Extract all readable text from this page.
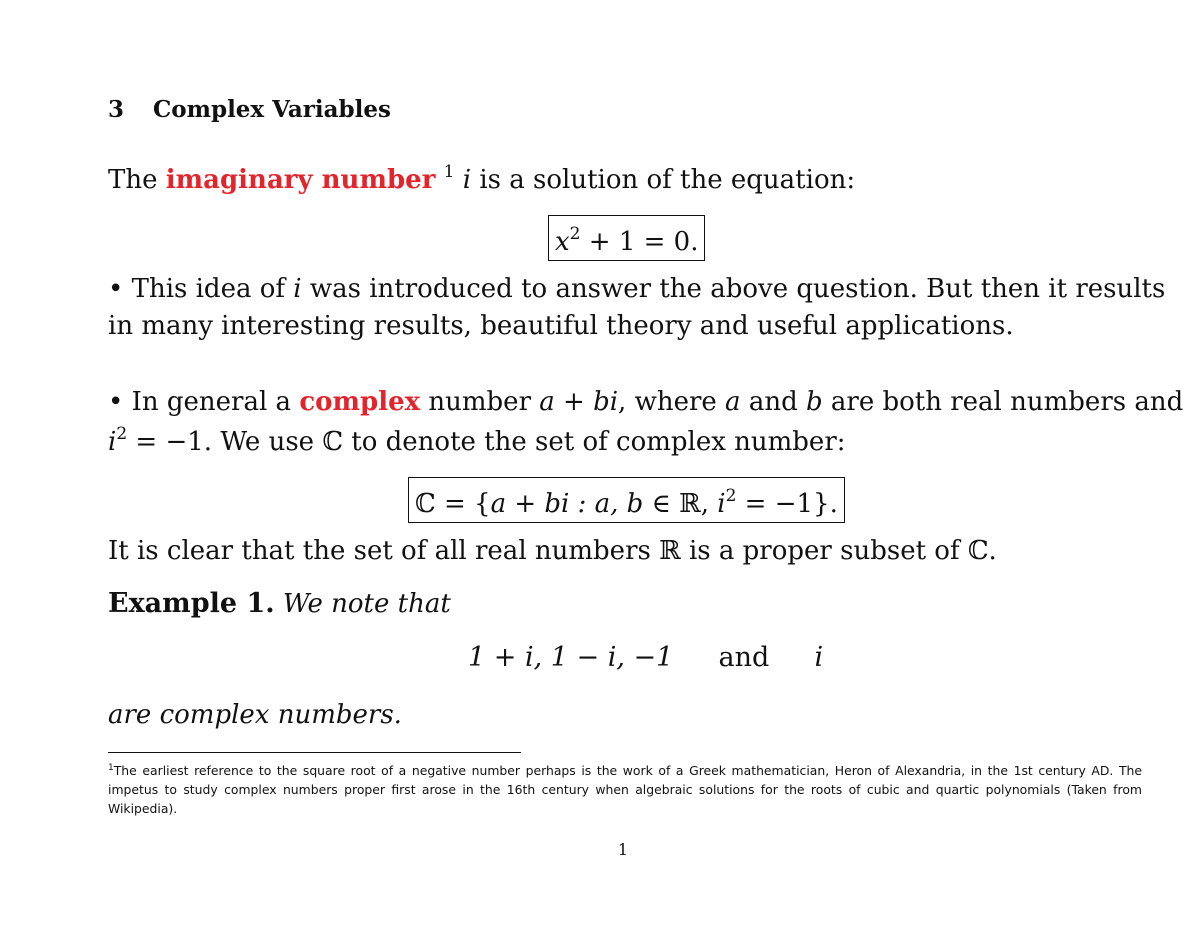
3 Complex Variables
The imaginary number $^1$ i is a solution of the equation:
$x^2 + 1 = 0$.
• This idea of i was introduced to answer the above question. But then it results
in many interesting results, beautiful theory and useful applications.
• In general a complex number a + bi, where a and b are both real numbers and
$i^2 = -1$. We use ℂ to denote the set of complex number:
ℂ = {a + bi : a, b ∈ ℝ, $i^2 = -1$}.
It is clear that the set of all real numbers ℝ is a proper subset of ℂ.
Example 1. We note that
1 + i, 1 − i, −1 and i
are complex numbers.
$^1$The earliest reference to the square root of a negative number perhaps is the work of a Greek mathematician, Heron of Alexandria, in the 1st century AD. The impetus to study complex numbers proper first arose in the 16th century when algebraic solutions for the roots of cubic and quartic polynomials (Taken from Wikipedia).
1
